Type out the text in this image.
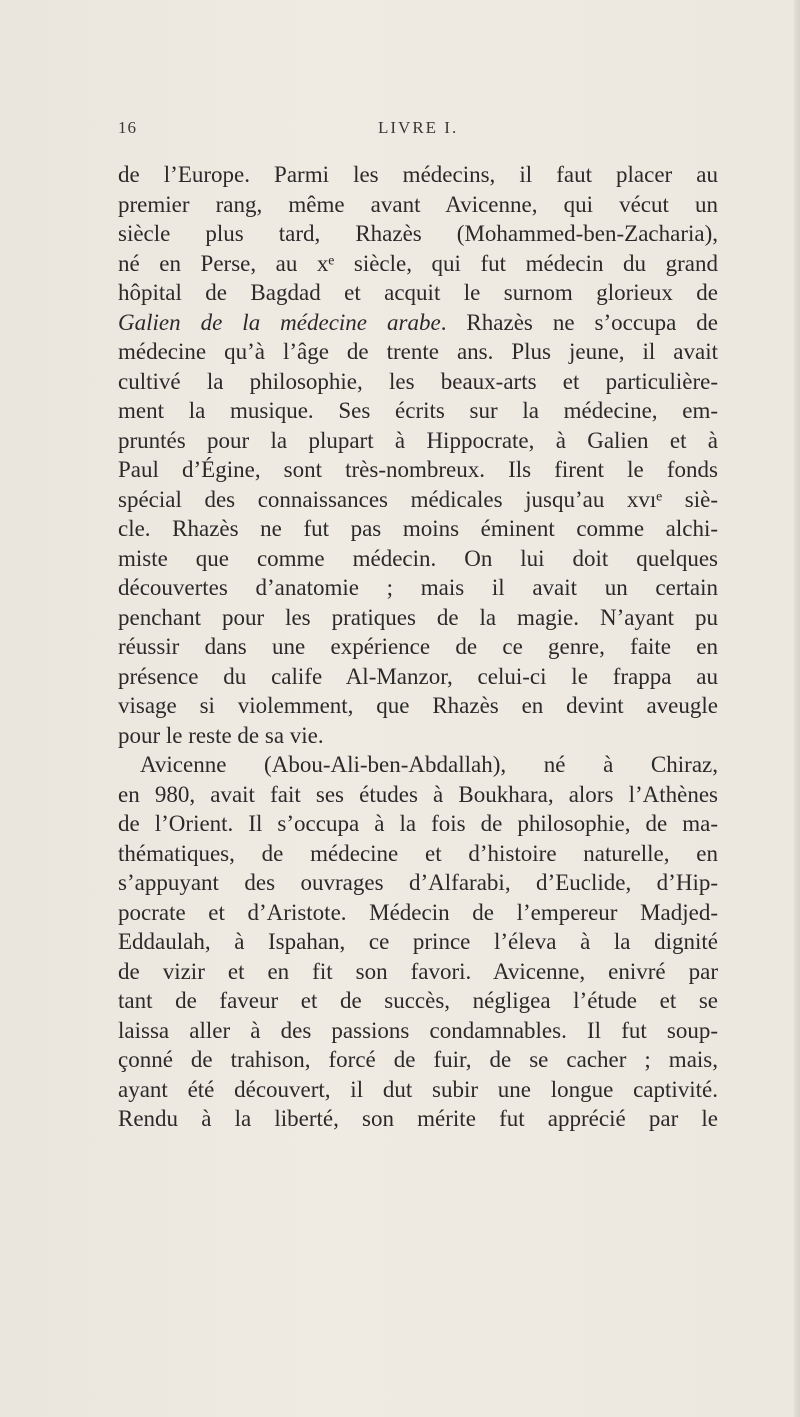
16	LIVRE I.
de l’Europe. Parmi les médecins, il faut placer au
premier rang, même avant Avicenne, qui vécut un
siècle plus tard, Rhazès (Mohammed-ben-Zacharia),
né en Perse, au xᵉ siècle, qui fut médecin du grand
hôpital de Bagdad et acquit le surnom glorieux de
Galien de la médecine arabe. Rhazès ne s’occupa de
médecine qu’à l’âge de trente ans. Plus jeune, il avait
cultivé la philosophie, les beaux-arts et particulière-
ment la musique. Ses écrits sur la médecine, em-
pruntés pour la plupart à Hippocrate, à Galien et à
Paul d’Égine, sont très-nombreux. Ils firent le fonds
spécial des connaissances médicales jusqu’au xvıᵉ siè-
cle. Rhazès ne fut pas moins éminent comme alchi-
miste que comme médecin. On lui doit quelques
découvertes d’anatomie ; mais il avait un certain
penchant pour les pratiques de la magie. N’ayant pu
réussir dans une expérience de ce genre, faite en
présence du calife Al-Manzor, celui-ci le frappa au
visage si violemment, que Rhazès en devint aveugle
pour le reste de sa vie.
Avicenne (Abou-Ali-ben-Abdallah), né à Chiraz,
en 980, avait fait ses études à Boukhara, alors l’Athènes
de l’Orient. Il s’occupa à la fois de philosophie, de ma-
thématiques, de médecine et d’histoire naturelle, en
s’appuyant des ouvrages d’Alfarabi, d’Euclide, d’Hip-
pocrate et d’Aristote. Médecin de l’empereur Madjed-
Eddaulah, à Ispahan, ce prince l’éleva à la dignité
de vizir et en fit son favori. Avicenne, enivré par
tant de faveur et de succès, négligea l’étude et se
laissa aller à des passions condamnables. Il fut soup-
çonné de trahison, forcé de fuir, de se cacher ; mais,
ayant été découvert, il dut subir une longue captivité.
Rendu à la liberté, son mérite fut apprécié par le
